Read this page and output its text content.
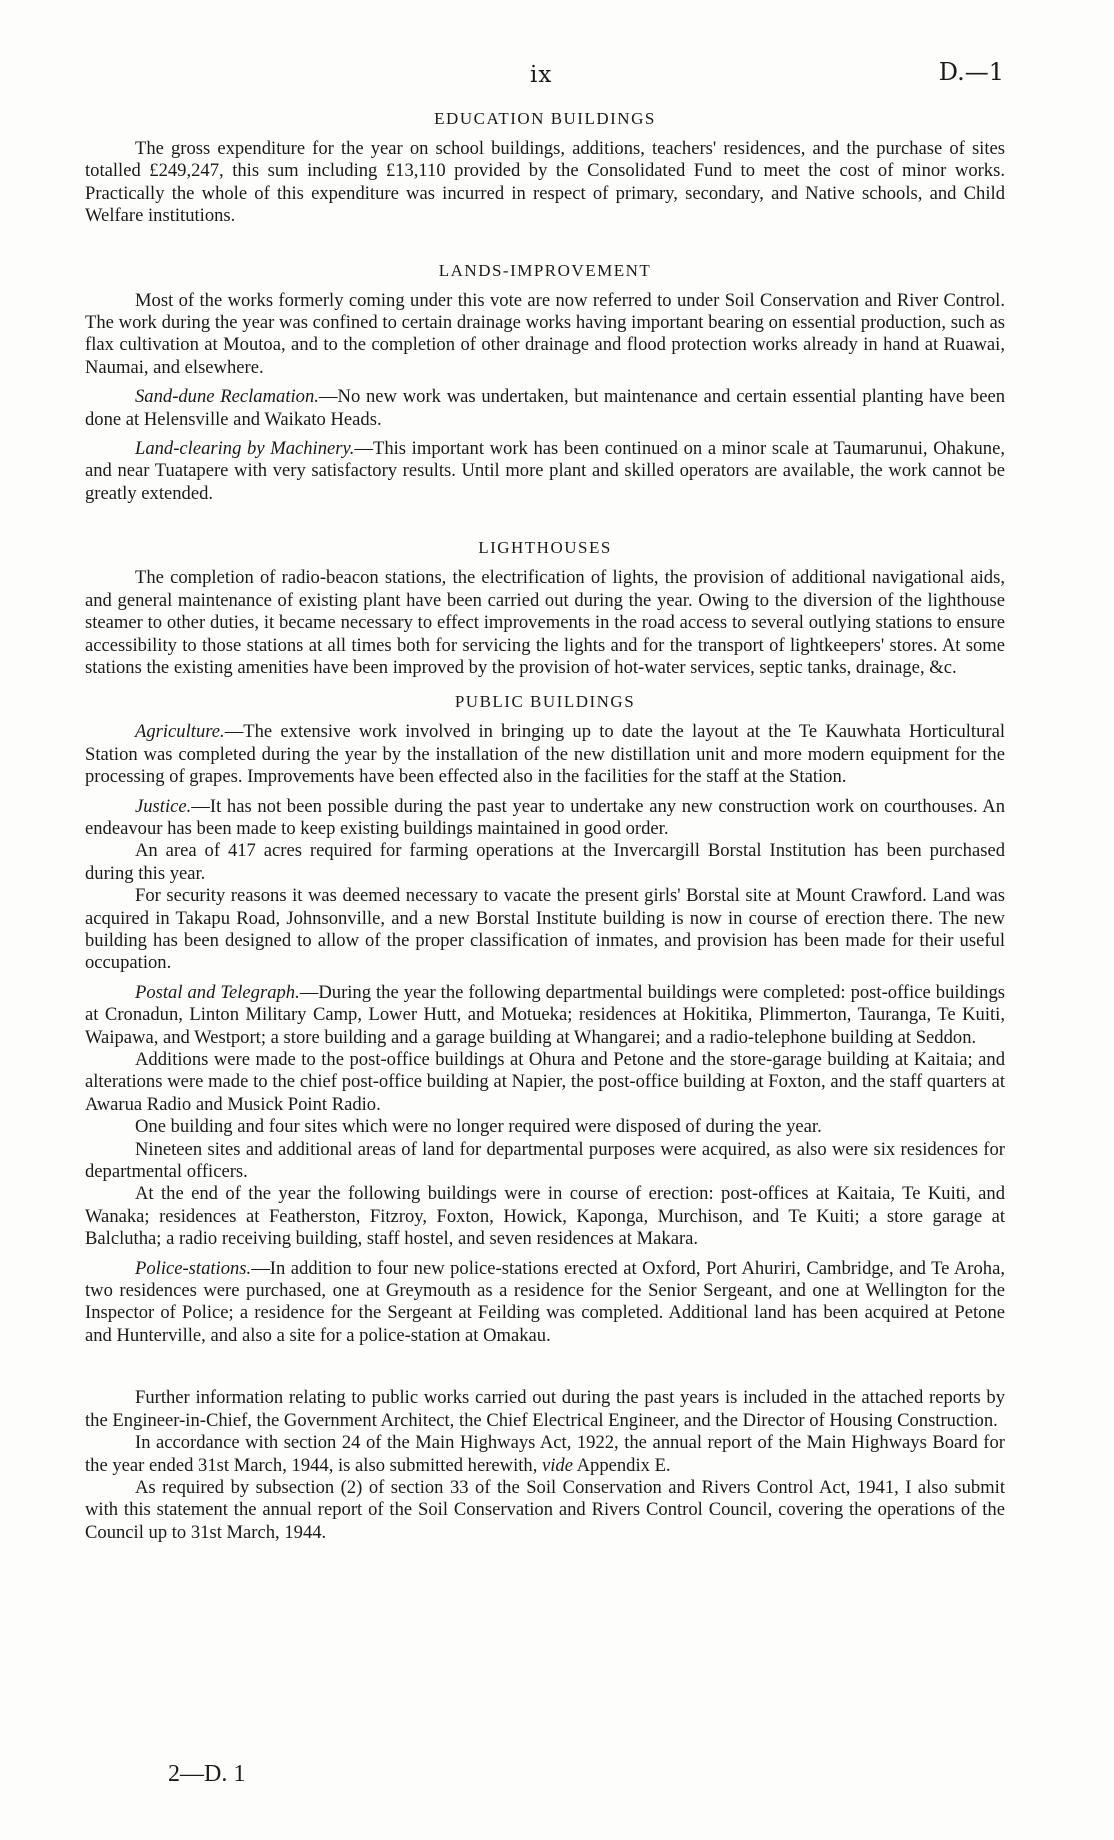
ix	D.—1
EDUCATION BUILDINGS

The gross expenditure for the year on school buildings, additions, teachers' residences, and the purchase of sites totalled £249,247, this sum including £13,110 provided by the Consolidated Fund to meet the cost of minor works. Practically the whole of this expenditure was incurred in respect of primary, secondary, and Native schools, and Child Welfare institutions.

LANDS-IMPROVEMENT

Most of the works formerly coming under this vote are now referred to under Soil Conservation and River Control. The work during the year was confined to certain drainage works having important bearing on essential production, such as flax cultivation at Moutoa, and to the completion of other drainage and flood protection works already in hand at Ruawai, Naumai, and elsewhere.

Sand-dune Reclamation.—No new work was undertaken, but maintenance and certain essential planting have been done at Helensville and Waikato Heads.

Land-clearing by Machinery.—This important work has been continued on a minor scale at Taumarunui, Ohakune, and near Tuatapere with very satisfactory results. Until more plant and skilled operators are available, the work cannot be greatly extended.

LIGHTHOUSES

The completion of radio-beacon stations, the electrification of lights, the provision of additional navigational aids, and general maintenance of existing plant have been carried out during the year. Owing to the diversion of the lighthouse steamer to other duties, it became necessary to effect improvements in the road access to several outlying stations to ensure accessibility to those stations at all times both for servicing the lights and for the transport of lightkeepers' stores. At some stations the existing amenities have been improved by the provision of hot-water services, septic tanks, drainage, &c.

PUBLIC BUILDINGS

Agriculture.—The extensive work involved in bringing up to date the layout at the Te Kauwhata Horticultural Station was completed during the year by the installation of the new distillation unit and more modern equipment for the processing of grapes. Improvements have been effected also in the facilities for the staff at the Station.

Justice.—It has not been possible during the past year to undertake any new construction work on courthouses. An endeavour has been made to keep existing buildings maintained in good order.

An area of 417 acres required for farming operations at the Invercargill Borstal Institution has been purchased during this year.

For security reasons it was deemed necessary to vacate the present girls' Borstal site at Mount Crawford. Land was acquired in Takapu Road, Johnsonville, and a new Borstal Institute building is now in course of erection there. The new building has been designed to allow of the proper classification of inmates, and provision has been made for their useful occupation.

Postal and Telegraph.—During the year the following departmental buildings were completed: post-office buildings at Cronadun, Linton Military Camp, Lower Hutt, and Motueka; residences at Hokitika, Plimmerton, Tauranga, Te Kuiti, Waipawa, and Westport; a store building and a garage building at Whangarei; and a radio-telephone building at Seddon.

Additions were made to the post-office buildings at Ohura and Petone and the store-garage building at Kaitaia; and alterations were made to the chief post-office building at Napier, the post-office building at Foxton, and the staff quarters at Awarua Radio and Musick Point Radio.

One building and four sites which were no longer required were disposed of during the year.

Nineteen sites and additional areas of land for departmental purposes were acquired, as also were six residences for departmental officers.

At the end of the year the following buildings were in course of erection: post-offices at Kaitaia, Te Kuiti, and Wanaka; residences at Featherston, Fitzroy, Foxton, Howick, Kaponga, Murchison, and Te Kuiti; a store garage at Balclutha; a radio receiving building, staff hostel, and seven residences at Makara.

Police-stations.—In addition to four new police-stations erected at Oxford, Port Ahuriri, Cambridge, and Te Aroha, two residences were purchased, one at Greymouth as a residence for the Senior Sergeant, and one at Wellington for the Inspector of Police; a residence for the Sergeant at Feilding was completed. Additional land has been acquired at Petone and Hunterville, and also a site for a police-station at Omakau.

Further information relating to public works carried out during the past years is included in the attached reports by the Engineer-in-Chief, the Government Architect, the Chief Electrical Engineer, and the Director of Housing Construction.

In accordance with section 24 of the Main Highways Act, 1922, the annual report of the Main Highways Board for the year ended 31st March, 1944, is also submitted herewith, vide Appendix E.

As required by subsection (2) of section 33 of the Soil Conservation and Rivers Control Act, 1941, I also submit with this statement the annual report of the Soil Conservation and Rivers Control Council, covering the operations of the Council up to 31st March, 1944.

2—D. 1
